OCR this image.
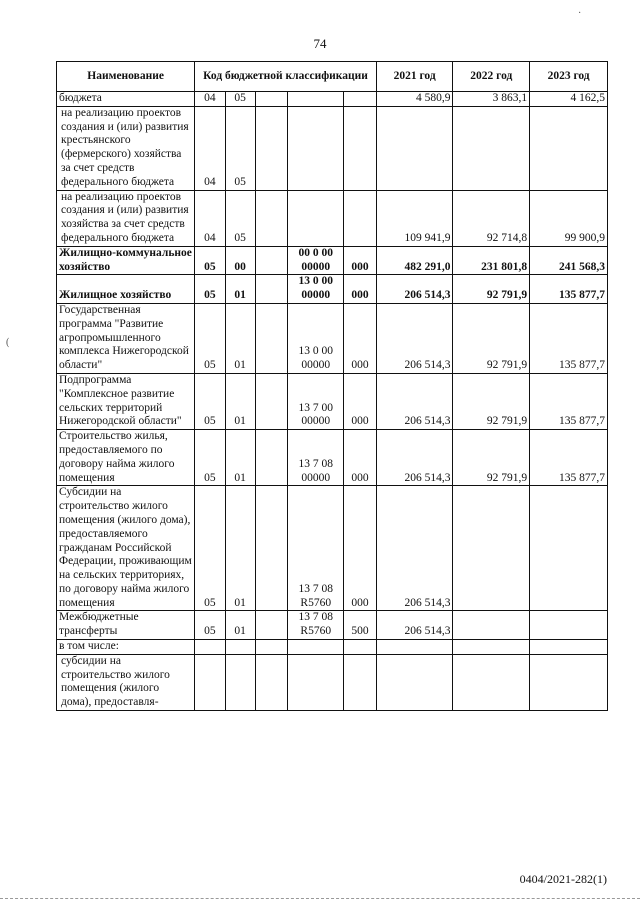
·
(
74
Наименование	Код бюджетной классификации					2021 год	2022 год	2023 год
бюджета	04	05				4 580,9	3 863,1	4 162,5
на реализацию проектов создания и (или) развития крестьянского (фермерского) хозяйства за счет средств федерального бюджета	04	05						
на реализацию проектов создания и (или) развития хозяйства за счет средств федерального бюджета	04	05				109 941,9	92 714,8	99 900,9
Жилищно-коммунальное хозяйство	05	00		00 0 00 00000	000	482 291,0	231 801,8	241 568,3
Жилищное хозяйство	05	01		13 0 00 00000	000	206 514,3	92 791,9	135 877,7
Государственная программа "Развитие агропромышленного комплекса Нижегородской области"	05	01		13 0 00 00000	000	206 514,3	92 791,9	135 877,7
Подпрограмма "Комплексное развитие сельских территорий Нижегородской области"	05	01		13 7 00 00000	000	206 514,3	92 791,9	135 877,7
Строительство жилья, предоставляемого по договору найма жилого помещения	05	01		13 7 08 00000	000	206 514,3	92 791,9	135 877,7
Субсидии на строительство жилого помещения (жилого дома), предоставляемого гражданам Российской Федерации, проживающим на сельских территориях, по договору найма жилого помещения	05	01		13 7 08 R5760	000	206 514,3		
Межбюджетные трансферты	05	01		13 7 08 R5760	500	206 514,3		
в том числе:								
субсидии на строительство жилого помещения (жилого дома), предоставля-								
0404/2021-282(1)
